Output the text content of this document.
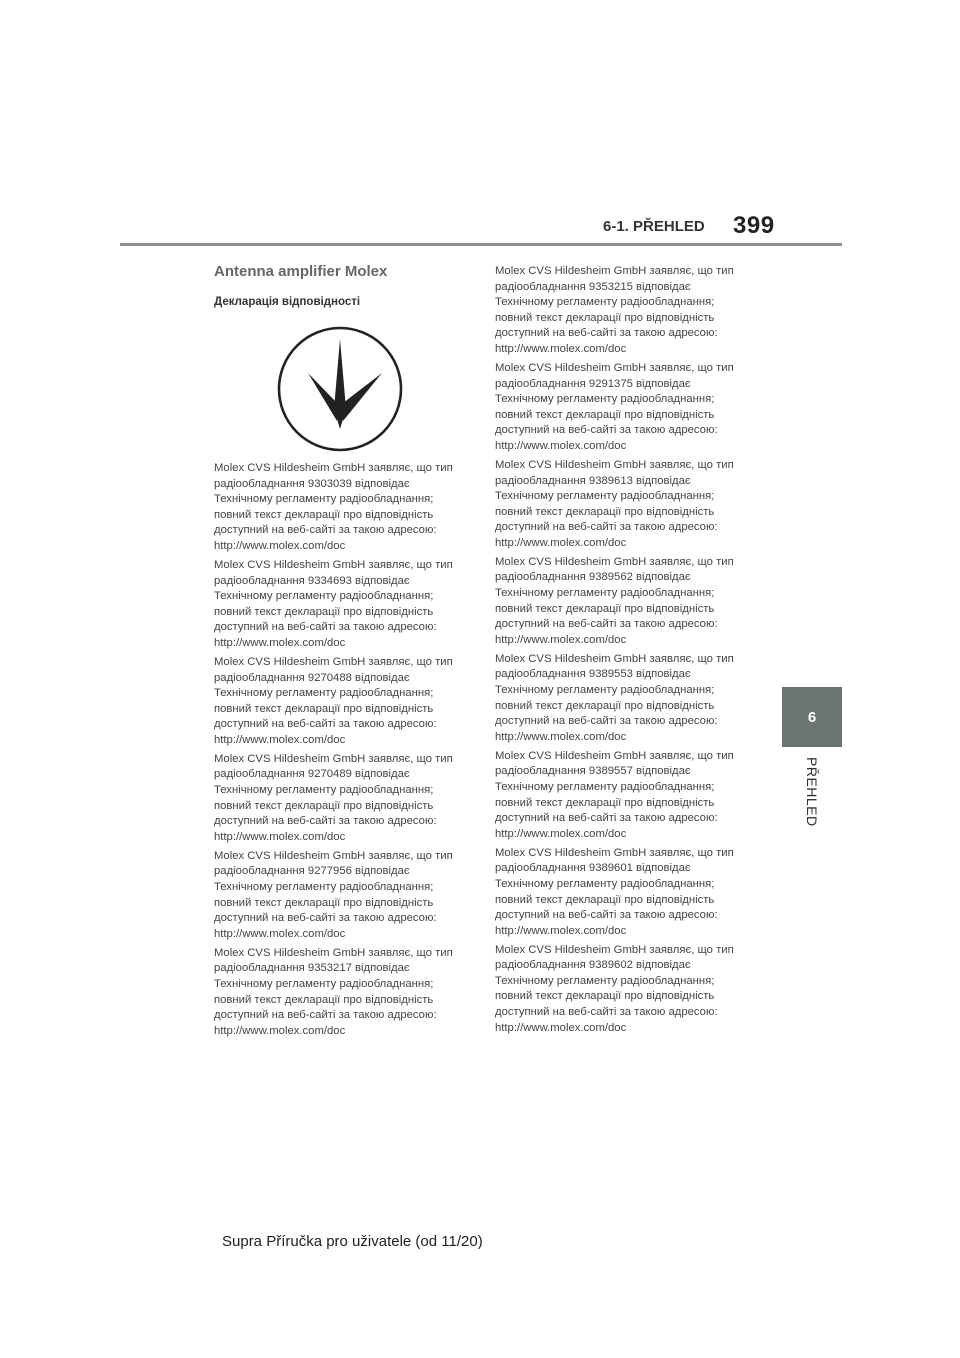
6-1. PŘEHLED 399
6
PŘEHLED
Antenna amplifier Molex
Декларація відповідності
Molex CVS Hildesheim GmbH заявляє, що тип
радіообладнання 9303039 відповідає
Технічному регламенту радіообладнання;
повний текст декларації про відповідність
доступний на веб-сайті за такою адресою:
http://www.molex.com/doc
Molex CVS Hildesheim GmbH заявляє, що тип
радіообладнання 9334693 відповідає
Технічному регламенту радіообладнання;
повний текст декларації про відповідність
доступний на веб-сайті за такою адресою:
http://www.molex.com/doc
Molex CVS Hildesheim GmbH заявляє, що тип
радіообладнання 9270488 відповідає
Технічному регламенту радіообладнання;
повний текст декларації про відповідність
доступний на веб-сайті за такою адресою:
http://www.molex.com/doc
Molex CVS Hildesheim GmbH заявляє, що тип
радіообладнання 9270489 відповідає
Технічному регламенту радіообладнання;
повний текст декларації про відповідність
доступний на веб-сайті за такою адресою:
http://www.molex.com/doc
Molex CVS Hildesheim GmbH заявляє, що тип
радіообладнання 9277956 відповідає
Технічному регламенту радіообладнання;
повний текст декларації про відповідність
доступний на веб-сайті за такою адресою:
http://www.molex.com/doc
Molex CVS Hildesheim GmbH заявляє, що тип
радіообладнання 9353217 відповідає
Технічному регламенту радіообладнання;
повний текст декларації про відповідність
доступний на веб-сайті за такою адресою:
http://www.molex.com/doc
Molex CVS Hildesheim GmbH заявляє, що тип
радіообладнання 9353215 відповідає
Технічному регламенту радіообладнання;
повний текст декларації про відповідність
доступний на веб-сайті за такою адресою:
http://www.molex.com/doc
Molex CVS Hildesheim GmbH заявляє, що тип
радіообладнання 9291375 відповідає
Технічному регламенту радіообладнання;
повний текст декларації про відповідність
доступний на веб-сайті за такою адресою:
http://www.molex.com/doc
Molex CVS Hildesheim GmbH заявляє, що тип
радіообладнання 9389613 відповідає
Технічному регламенту радіообладнання;
повний текст декларації про відповідність
доступний на веб-сайті за такою адресою:
http://www.molex.com/doc
Molex CVS Hildesheim GmbH заявляє, що тип
радіообладнання 9389562 відповідає
Технічному регламенту радіообладнання;
повний текст декларації про відповідність
доступний на веб-сайті за такою адресою:
http://www.molex.com/doc
Molex CVS Hildesheim GmbH заявляє, що тип
радіообладнання 9389553 відповідає
Технічному регламенту радіообладнання;
повний текст декларації про відповідність
доступний на веб-сайті за такою адресою:
http://www.molex.com/doc
Molex CVS Hildesheim GmbH заявляє, що тип
радіообладнання 9389557 відповідає
Технічному регламенту радіообладнання;
повний текст декларації про відповідність
доступний на веб-сайті за такою адресою:
http://www.molex.com/doc
Molex CVS Hildesheim GmbH заявляє, що тип
радіообладнання 9389601 відповідає
Технічному регламенту радіообладнання;
повний текст декларації про відповідність
доступний на веб-сайті за такою адресою:
http://www.molex.com/doc
Molex CVS Hildesheim GmbH заявляє, що тип
радіообладнання 9389602 відповідає
Технічному регламенту радіообладнання;
повний текст декларації про відповідність
доступний на веб-сайті за такою адресою:
http://www.molex.com/doc
Supra Příručka pro uživatele (od 11/20)
